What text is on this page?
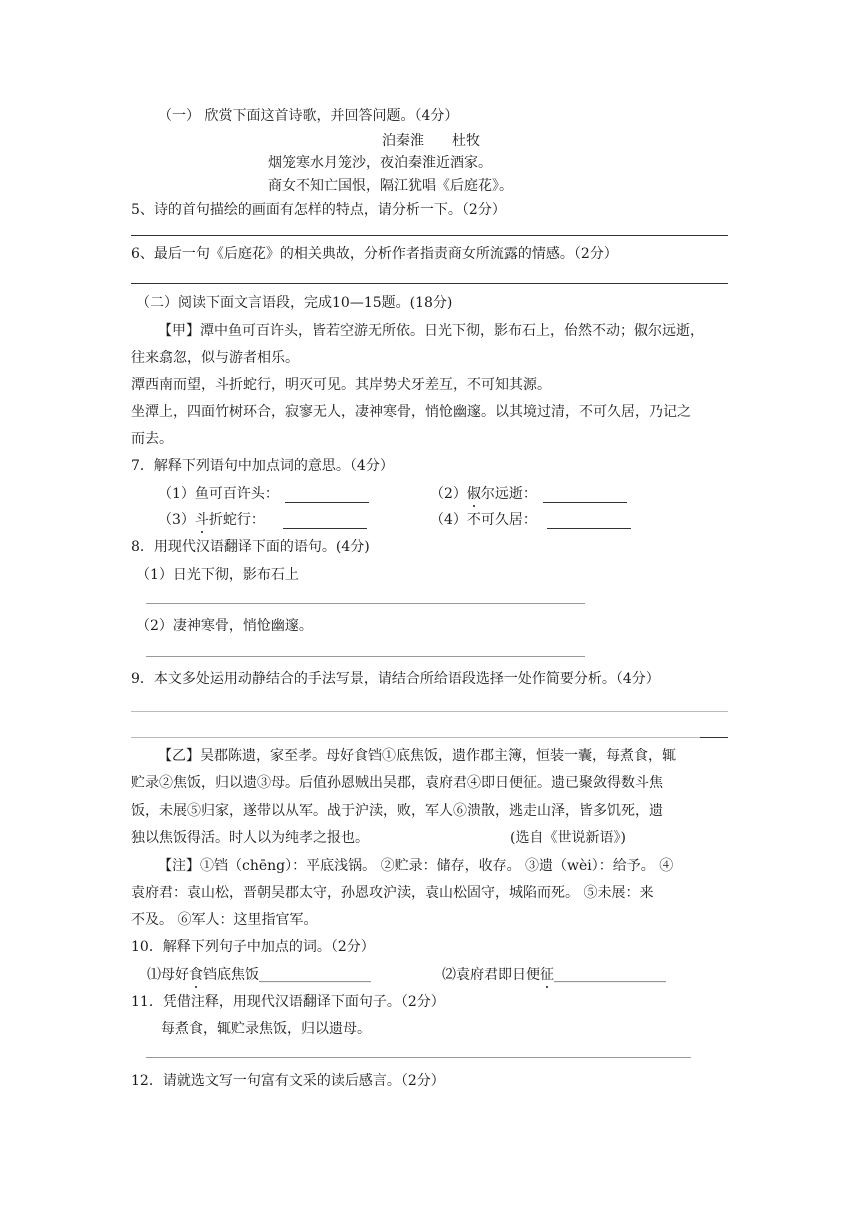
（一） 欣赏下面这首诗歌，并回答问题。（4分）
泊秦淮　　杜牧
烟笼寒水月笼沙，夜泊秦淮近酒家。
商女不知亡国恨，隔江犹唱《后庭花》。
5、诗的首句描绘的画面有怎样的特点，请分析一下。（2分）
6、最后一句《后庭花》的相关典故，分析作者指责商女所流露的情感。（2分）
（二）阅读下面文言语段，完成10—15题。(18分)
【甲】潭中鱼可百许头，皆若空游无所依。日光下彻，影布石上，佁然不动；俶尔远逝，
往来翕忽，似与游者相乐。
潭西南而望，斗折蛇行，明灭可见。其岸势犬牙差互，不可知其源。
坐潭上，四面竹树环合，寂寥无人，凄神寒骨，悄怆幽邃。以其境过清，不可久居，乃记之
而去。
7．解释下列语句中加点词的意思。（4分）
（1）鱼可百许头：	（2）俶尔远逝：
（3）斗折蛇行：	（4）不可久居：
8．用现代汉语翻译下面的语句。(4分)
（1）日光下彻，影布石上
（2）凄神寒骨，悄怆幽邃。
9．本文多处运用动静结合的手法写景，请结合所给语段选择一处作简要分析。（4分）
【乙】吴郡陈遗，家至孝。母好食铛①底焦饭，遗作郡主簿，恒装一囊，每煮食，辄
贮录②焦饭，归以遗③母。后值孙恩贼出吴郡，袁府君④即日便征。遗已聚敛得数斗焦
饭，未展⑤归家，遂带以从军。战于沪渎，败，军人⑥溃散，逃走山泽，皆多饥死，遗
独以焦饭得活。时人以为纯孝之报也。	(选自《世说新语》)
【注】①铛（chēng）：平底浅锅。 ②贮录：储存，收存。 ③遗（wèi）：给予。 ④
袁府君：袁山松，晋朝吴郡太守，孙恩攻沪渎，袁山松固守，城陷而死。 ⑤未展：来
不及。 ⑥军人：这里指官军。
10．解释下列句子中加点的词。（2分）
⑴母好食铛底焦饭________________	⑵袁府君即日便征________________
11．凭借注释，用现代汉语翻译下面句子。（2分）
每煮食，辄贮录焦饭，归以遗母。
12．请就选文写一句富有文采的读后感言。（2分）
